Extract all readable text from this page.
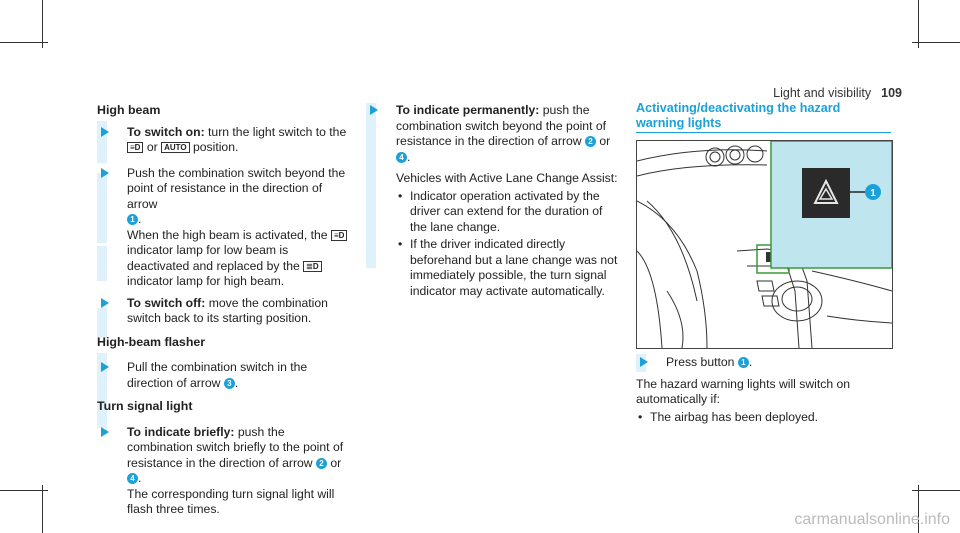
Light and visibility 109
High beam
To switch on: turn the light switch to the
≡D or AUTO position.
Push the combination switch beyond the point of resistance in the direction of arrow
1 .
When the high beam is activated, the ≡D indicator lamp for low beam is deactivated and replaced by the ≣D indicator lamp for high beam.
To switch off: move the combination switch back to its starting position.
High-beam flasher
Pull the combination switch in the direction of arrow 3 .
Turn signal light
To indicate briefly: push the combination switch briefly to the point of resistance in the direction of arrow 2 or 4 .
The corresponding turn signal light will flash three times.
To indicate permanently: push the combination switch beyond the point of resistance in the direction of arrow 2 or 4 .
Vehicles with Active Lane Change Assist:
• Indicator operation activated by the driver can extend for the duration of the lane change.
• If the driver indicated directly beforehand but a lane change was not immediately possible, the turn signal indicator may activate automatically.
Activating/deactivating the hazard warning lights
1
Press button 1 .
The hazard warning lights will switch on automatically if:
• The airbag has been deployed.
carmanualsonline.info
